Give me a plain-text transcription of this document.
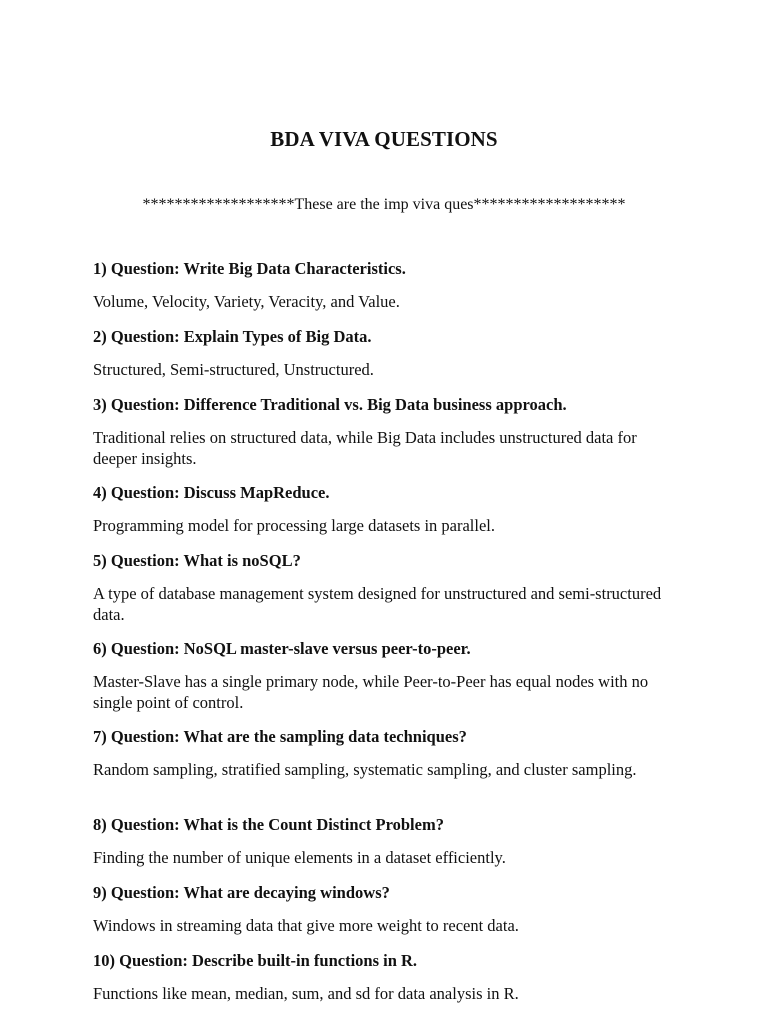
BDA VIVA QUESTIONS
*******************These are the imp viva ques*******************
1) Question: Write Big Data Characteristics.
Volume, Velocity, Variety, Veracity, and Value.
2) Question: Explain Types of Big Data.
Structured, Semi-structured, Unstructured.
3) Question: Difference Traditional vs. Big Data business approach.
Traditional relies on structured data, while Big Data includes unstructured data for deeper insights.
4) Question: Discuss MapReduce.
Programming model for processing large datasets in parallel.
5) Question: What is noSQL?
A type of database management system designed for unstructured and semi-structured data.
6) Question: NoSQL master-slave versus peer-to-peer.
Master-Slave has a single primary node, while Peer-to-Peer has equal nodes with no single point of control.
7) Question: What are the sampling data techniques?
Random sampling, stratified sampling, systematic sampling, and cluster sampling.
8) Question: What is the Count Distinct Problem?
Finding the number of unique elements in a dataset efficiently.
9) Question: What are decaying windows?
Windows in streaming data that give more weight to recent data.
10) Question: Describe built-in functions in R.
Functions like mean, median, sum, and sd for data analysis in R.
